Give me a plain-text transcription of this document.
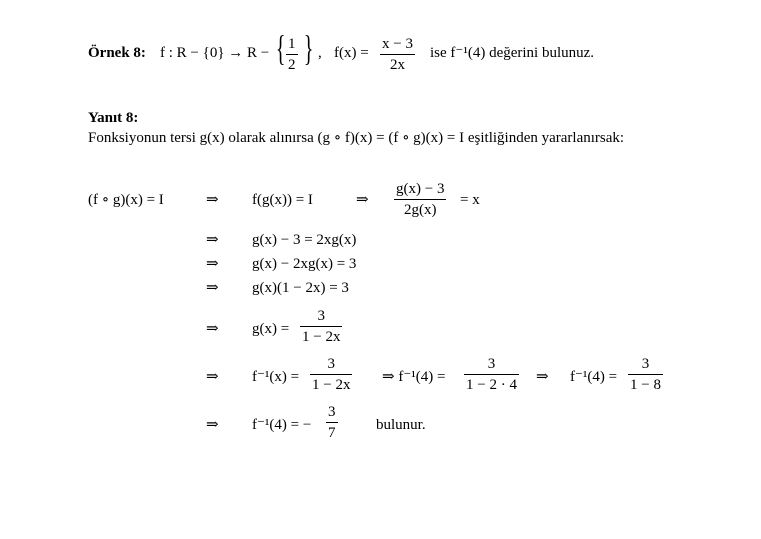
Örnek 8: f : R − {0} → R − { 1
2 } , f(x) =
x − 3
2x
ise f⁻¹(4) değerini bulunuz.
Yanıt 8:
Fonksiyonun tersi g(x) olarak alınırsa (g ∘ f)(x) = (f ∘ g)(x) = I eşitliğinden yararlanırsak:
(f ∘ g)(x) = I	⇒ f(g(x)) = I	⇒
g(x) − 3
2g(x)
= x
⇒ g(x) − 3 = 2xg(x)
⇒ g(x) − 2xg(x) = 3
⇒ g(x)(1 − 2x) = 3
⇒ g(x) =
3
1 − 2x
⇒ f⁻¹(x) =
3
1 − 2x ⇒ f⁻¹(4) =
3
1 − 2 · 4 ⇒ f⁻¹(4) =
3
1 − 8
⇒ f⁻¹(4) = −
3
7	bulunur.
